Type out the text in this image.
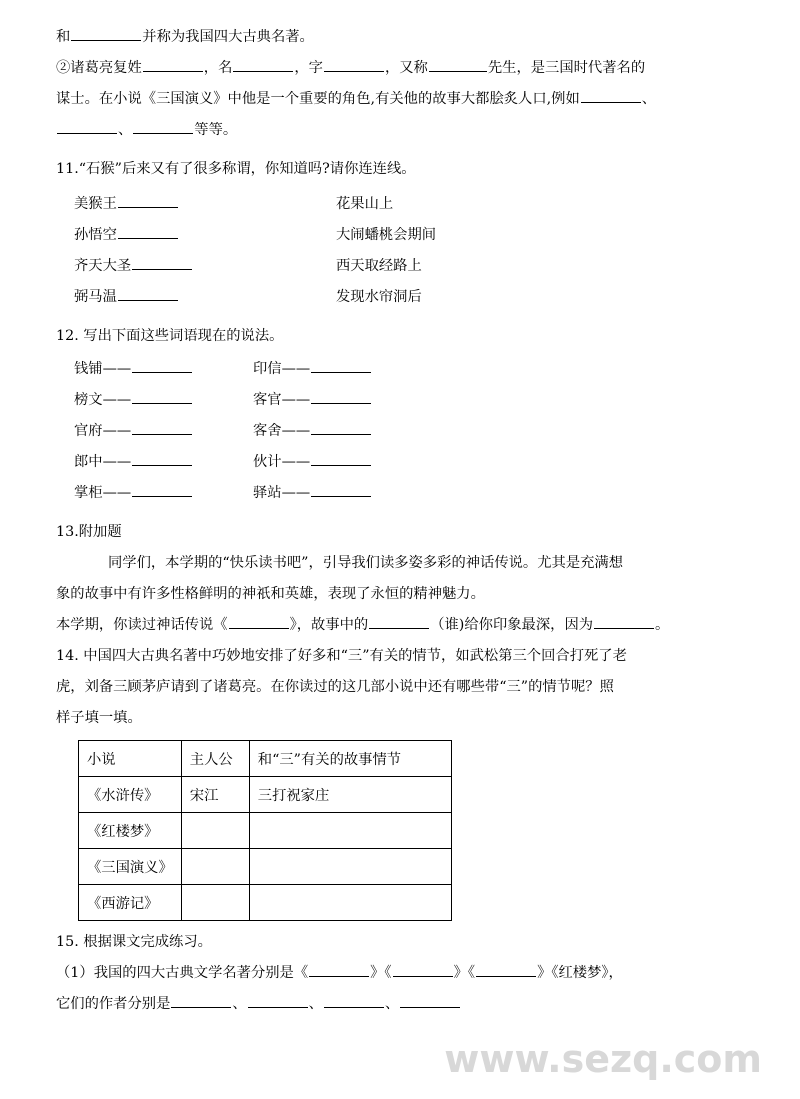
和	并称为我国四大古典名著。

②诸葛亮复姓	，名	，字	，又称	先生，是三国时代著名的

谋士。在小说《三国演义》中他是一个重要的角色,有关他的故事大都脍炙人口,例如	、

、	等等。

11.“石猴”后来又有了很多称谓，你知道吗?请你连连线。

美猴王	花果山上
孙悟空	大闹蟠桃会期间
齐天大圣	西天取经路上
弼马温	发现水帘洞后

12. 写出下面这些词语现在的说法。

钱铺——	印信——
榜文——	客官——
官府——	客舍——
郎中——	伙计——
掌柜——	驿站——

13.附加题

同学们，本学期的“快乐读书吧”，引导我们读多姿多彩的神话传说。尤其是充满想

象的故事中有许多性格鲜明的神祇和英雄，表现了永恒的精神魅力。

本学期，你读过神话传说《	》，故事中的	（谁)给你印象最深，因为	。

14. 中国四大古典名著中巧妙地安排了好多和“三”有关的情节，如武松第三个回合打死了老

虎，刘备三顾茅庐请到了诸葛亮。在你读过的这几部小说中还有哪些带“三”的情节呢？照

样子填一填。

小说	主人公	和“三”有关的故事情节
《水浒传》	宋江	三打祝家庄
《红楼梦》		
《三国演义》		
《西游记》		

15. 根据课文完成练习。

（1）我国的四大古典文学名著分别是《	》《	》《	》《红楼梦》，

它们的作者分别是	、	、	、

www.sezq.com
